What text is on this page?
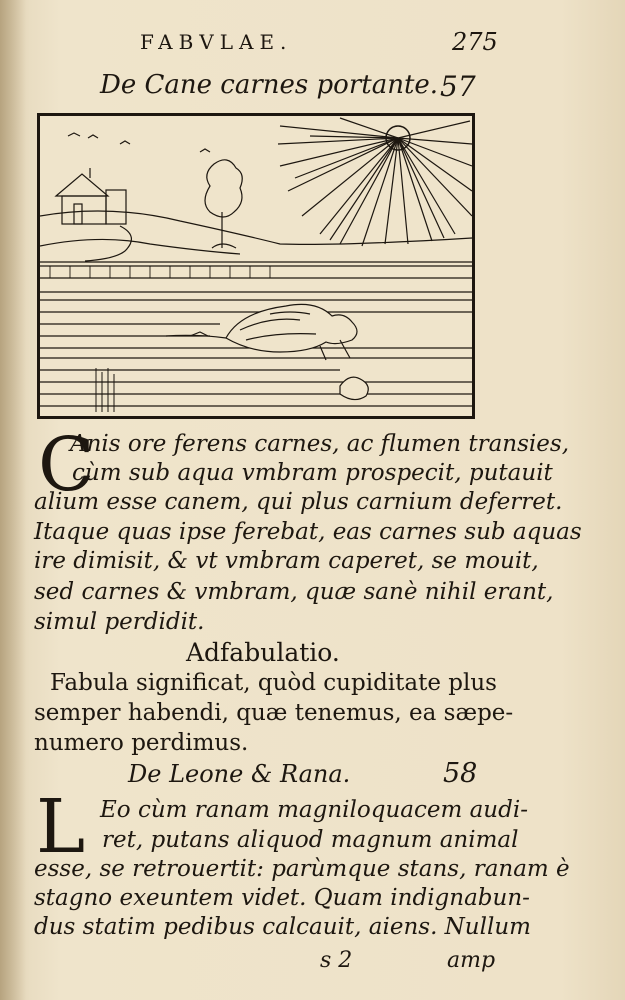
FABVLAE.	275
De Cane carnes portante. 57
C
Anis ore ferens carnes, ac flumen transies,
cùm sub aqua vmbram prospecit, putauit
alium esse canem, qui plus carnium deferret.
Itaque quas ipse ferebat, eas carnes sub aquas
ire dimisit, & vt vmbram caperet, se mouit,
sed carnes & vmbram, quæ sanè nihil erant,
simul perdidit.
Adfabulatio.
Fabula significat, quòd cupiditate plus
semper habendi, quæ tenemus, ea sæpe-
numero perdimus.
De Leone & Rana.	58
L Eo cùm ranam magniloquacem audi-
ret, putans aliquod magnum animal
esse, se retrouertit: parùmque stans, ranam è
stagno exeuntem videt. Quam indignabun-
dus statim pedibus calcauit, aiens. Nullum
s 2	amp
